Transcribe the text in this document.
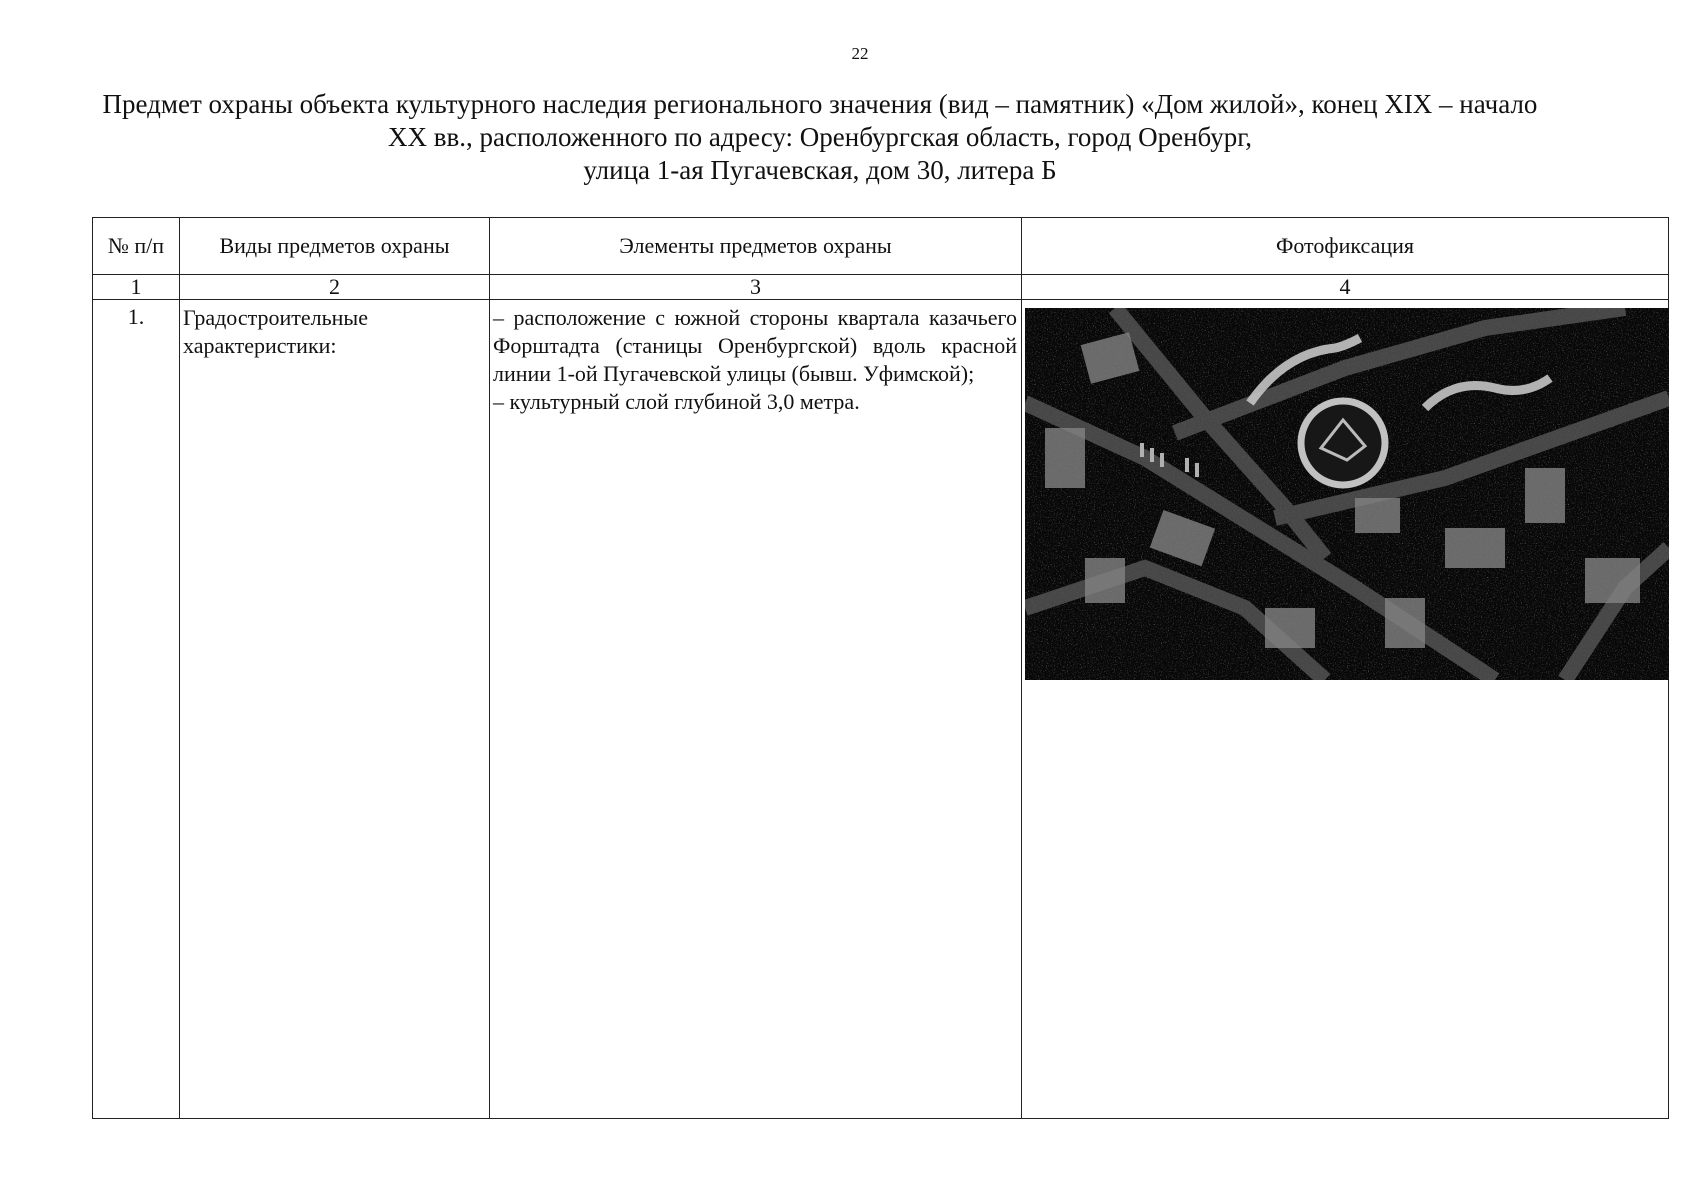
22
Предмет охраны объекта культурного наследия регионального значения (вид – памятник) «Дом жилой», конец XIX – начало
XX вв., расположенного по адресу: Оренбургская область, город Оренбург,
улица 1-ая Пугачевская, дом 30, литера Б
№ п/п	Виды предметов охраны	Элементы предметов охраны	Фотофиксация
1	2	3	4
1.	Градостроительные характеристики:	– расположение с южной стороны квартала казачьего Форштадта (станицы Оренбургской) вдоль красной линии 1-ой Пугачевской улицы (бывш. Уфимской);

– культурный слой глубиной 3,0 метра.
